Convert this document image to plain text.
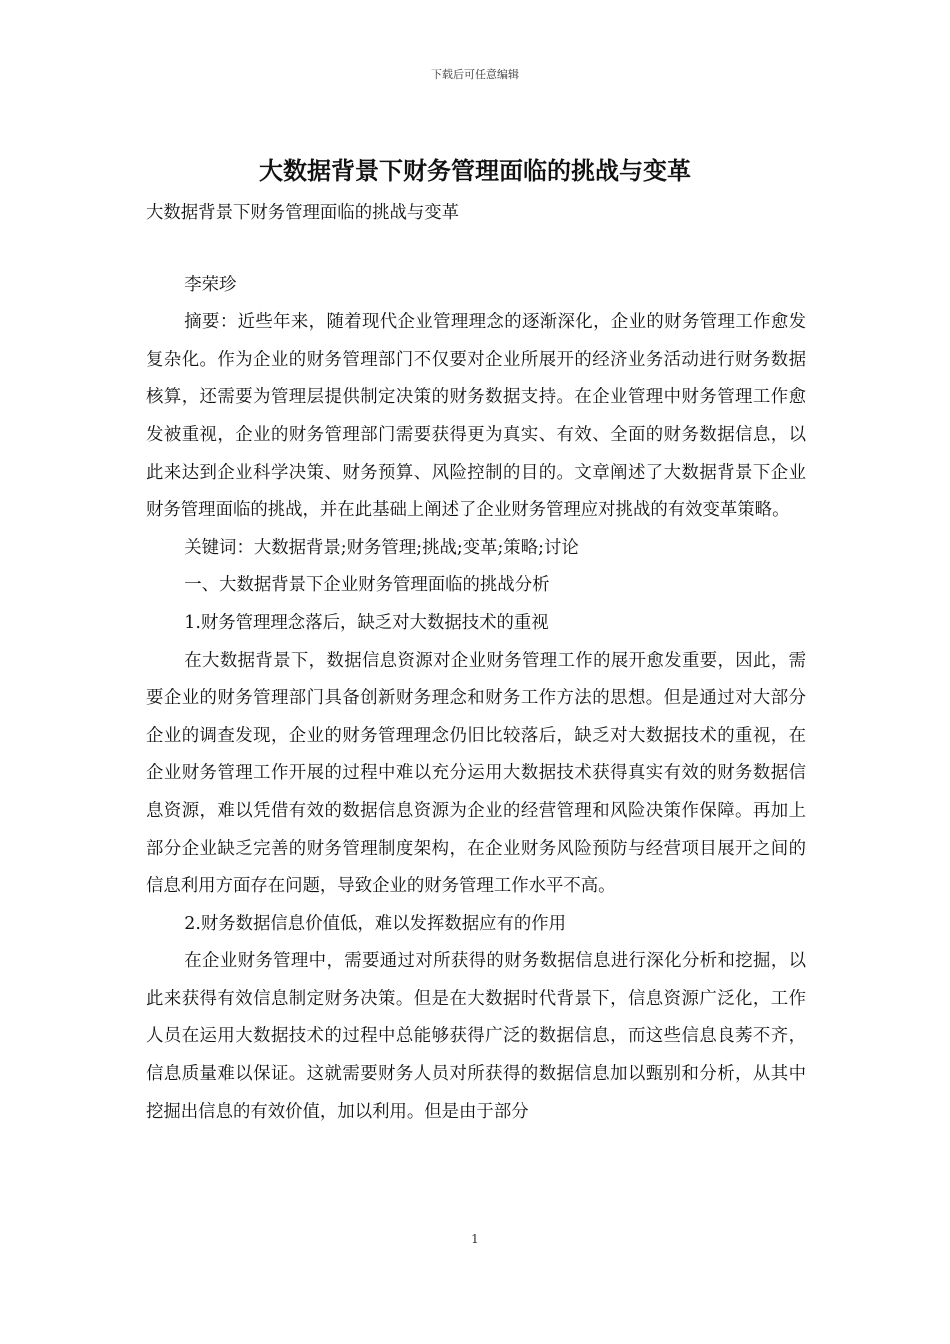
下载后可任意编辑
大数据背景下财务管理面临的挑战与变革

大数据背景下财务管理面临的挑战与变革

李荣珍

摘要：近些年来，随着现代企业管理理念的逐渐深化，企业的财务管理工作愈发复杂化。作为企业的财务管理部门不仅要对企业所展开的经济业务活动进行财务数据核算，还需要为管理层提供制定决策的财务数据支持。在企业管理中财务管理工作愈发被重视，企业的财务管理部门需要获得更为真实、有效、全面的财务数据信息，以此来达到企业科学决策、财务预算、风险控制的目的。文章阐述了大数据背景下企业财务管理面临的挑战，并在此基础上阐述了企业财务管理应对挑战的有效变革策略。

关键词：大数据背景;财务管理;挑战;变革;策略;讨论

一、大数据背景下企业财务管理面临的挑战分析

1.财务管理理念落后，缺乏对大数据技术的重视

在大数据背景下，数据信息资源对企业财务管理工作的展开愈发重要，因此，需要企业的财务管理部门具备创新财务理念和财务工作方法的思想。但是通过对大部分企业的调查发现，企业的财务管理理念仍旧比较落后，缺乏对大数据技术的重视，在企业财务管理工作开展的过程中难以充分运用大数据技术获得真实有效的财务数据信息资源，难以凭借有效的数据信息资源为企业的经营管理和风险决策作保障。再加上部分企业缺乏完善的财务管理制度架构，在企业财务风险预防与经营项目展开之间的信息利用方面存在问题，导致企业的财务管理工作水平不高。

2.财务数据信息价值低，难以发挥数据应有的作用

在企业财务管理中，需要通过对所获得的财务数据信息进行深化分析和挖掘，以此来获得有效信息制定财务决策。但是在大数据时代背景下，信息资源广泛化，工作人员在运用大数据技术的过程中总能够获得广泛的数据信息，而这些信息良莠不齐，信息质量难以保证。这就需要财务人员对所获得的数据信息加以甄别和分析，从其中挖掘出信息的有效价值，加以利用。但是由于部分

1
